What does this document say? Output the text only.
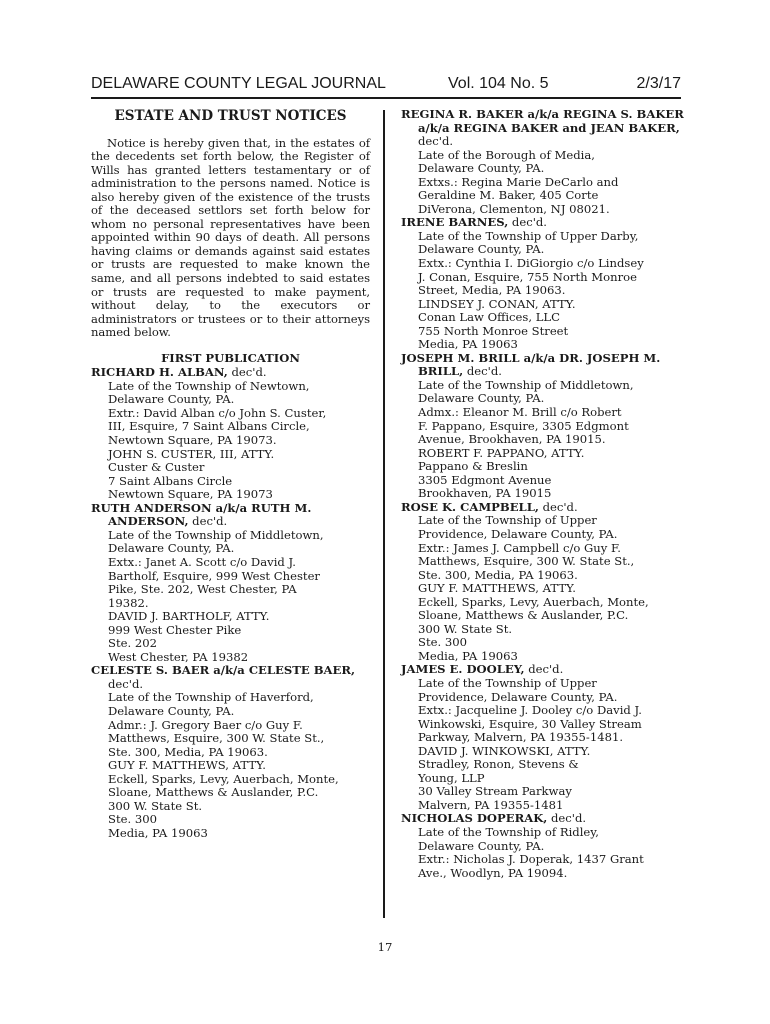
DELAWARE COUNTY LEGAL JOURNAL	Vol. 104 No. 5	2/3/17
ESTATE AND TRUST NOTICES

Notice is hereby given that, in the estates of the decedents set forth below, the Register of Wills has granted letters testamentary or of administration to the persons named. Notice is also hereby given of the existence of the trusts of the deceased settlors set forth below for whom no personal representatives have been appointed within 90 days of death. All persons having claims or demands against said estates or trusts are requested to make known the same, and all persons indebted to said estates or trusts are requested to make payment, without delay, to the executors or administrators or trustees or to their attorneys named below.

FIRST PUBLICATION
RICHARD H. ALBAN, dec'd.
Late of the Township of Newtown,
Delaware County, PA.
Extr.: David Alban c/o John S. Custer,
III, Esquire, 7 Saint Albans Circle,
Newtown Square, PA 19073.
JOHN S. CUSTER, III, ATTY.
Custer & Custer
7 Saint Albans Circle
Newtown Square, PA 19073
RUTH ANDERSON a/k/a RUTH M. ANDERSON, dec'd.
Late of the Township of Middletown,
Delaware County, PA.
Extx.: Janet A. Scott c/o David J.
Bartholf, Esquire, 999 West Chester
Pike, Ste. 202, West Chester, PA
19382.
DAVID J. BARTHOLF, ATTY.
999 West Chester Pike
Ste. 202
West Chester, PA 19382
CELESTE S. BAER a/k/a CELESTE BAER, dec'd.
Late of the Township of Haverford,
Delaware County, PA.
Admr.: J. Gregory Baer c/o Guy F.
Matthews, Esquire, 300 W. State St.,
Ste. 300, Media, PA 19063.
GUY F. MATTHEWS, ATTY.
Eckell, Sparks, Levy, Auerbach, Monte,
Sloane, Matthews & Auslander, P.C.
300 W. State St.
Ste. 300
Media, PA 19063
REGINA R. BAKER a/k/a REGINA S. BAKER a/k/a REGINA BAKER and JEAN BAKER, dec'd.
Late of the Borough of Media,
Delaware County, PA.
Extxs.: Regina Marie DeCarlo and
Geraldine M. Baker, 405 Corte
DiVerona, Clementon, NJ 08021.
IRENE BARNES, dec'd.
Late of the Township of Upper Darby,
Delaware County, PA.
Extx.: Cynthia I. DiGiorgio c/o Lindsey
J. Conan, Esquire, 755 North Monroe
Street, Media, PA 19063.
LINDSEY J. CONAN, ATTY.
Conan Law Offices, LLC
755 North Monroe Street
Media, PA 19063
JOSEPH M. BRILL a/k/a DR. JOSEPH M. BRILL, dec'd.
Late of the Township of Middletown,
Delaware County, PA.
Admx.: Eleanor M. Brill c/o Robert
F. Pappano, Esquire, 3305 Edgmont
Avenue, Brookhaven, PA 19015.
ROBERT F. PAPPANO, ATTY.
Pappano & Breslin
3305 Edgmont Avenue
Brookhaven, PA 19015
ROSE K. CAMPBELL, dec'd.
Late of the Township of Upper
Providence, Delaware County, PA.
Extr.: James J. Campbell c/o Guy F.
Matthews, Esquire, 300 W. State St.,
Ste. 300, Media, PA 19063.
GUY F. MATTHEWS, ATTY.
Eckell, Sparks, Levy, Auerbach, Monte,
Sloane, Matthews & Auslander, P.C.
300 W. State St.
Ste. 300
Media, PA 19063
JAMES E. DOOLEY, dec'd.
Late of the Township of Upper
Providence, Delaware County, PA.
Extx.: Jacqueline J. Dooley c/o David J.
Winkowski, Esquire, 30 Valley Stream
Parkway, Malvern, PA 19355-1481.
DAVID J. WINKOWSKI, ATTY.
Stradley, Ronon, Stevens &
Young, LLP
30 Valley Stream Parkway
Malvern, PA 19355-1481
NICHOLAS DOPERAK, dec'd.
Late of the Township of Ridley,
Delaware County, PA.
Extr.: Nicholas J. Doperak, 1437 Grant
Ave., Woodlyn, PA 19094.
17
